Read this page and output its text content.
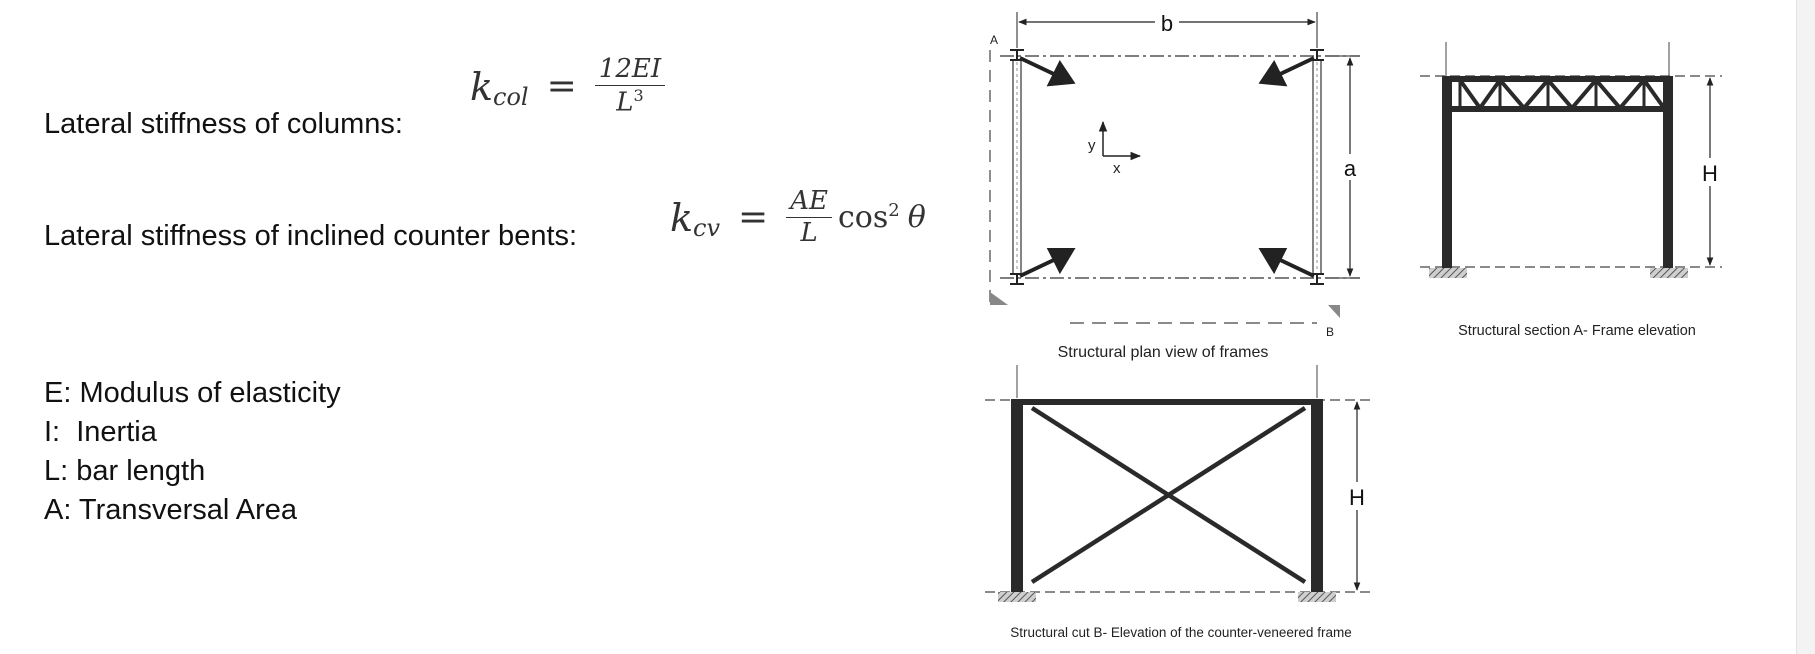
Lateral stiffness of columns:
k col = $\frac{12EI}{L^3}$
Lateral stiffness of inclined counter bents: k cv = $\frac{AE}{L} \cos^2 \theta$
E: Modulus of elasticity
I:  Inertia
L: bar length
A: Transversal Area
b
A
a
y
x
B
Structural plan view of frames
H
Structural section A- Frame elevation
H
Structural cut B- Elevation of the counter-veneered frame
